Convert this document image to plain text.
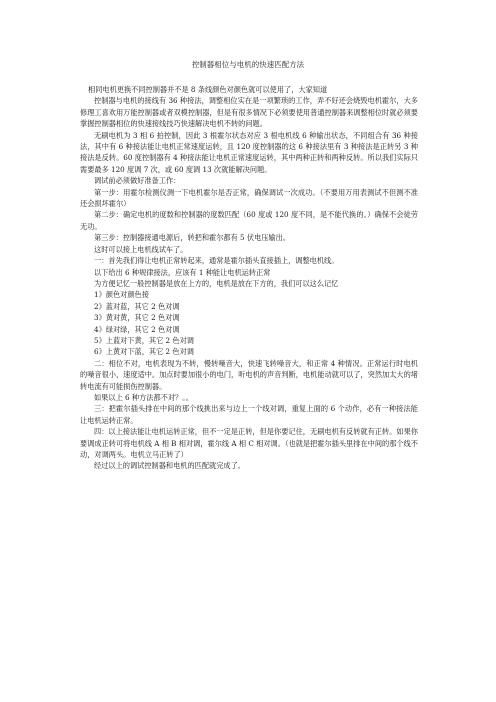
控制器相位与电机的快速匹配方法

相同电机更换不同控制器并不是 8 条线颜色对颜色就可以使用了，大家知道

控制器与电机的接线有 36 种接法，调整相位实在是一项繁琐的工作，弄不好还会烧毁电机霍尔，大多修理工喜欢用万能控制器或者双模控制器，但是有很多情况下必须要使用普通控制器来调整相位时就必须要掌握控制器相位的快速接线技巧快速解决电机不转的问题。

无刷电机为 3 相 6 拍控制，因此 3 根霍尔状态对应 3 根电机线 6 种输出状态，不同组合有 36 种接法，其中有 6 种接法能让电机正常速度运转，且 120 度控制器的这 6 种接法里有 3 种接法是正转另 3 种接法是反转。60 度控制器有 4 种接法能让电机正常速度运转，其中两种正转和两种反转。所以我们实际只需要最多 120 度调 7 次，或 60 度调 13 次就能解决问题。

调试前必须做好准备工作：

第一步：用霍尔检测仪测一下电机霍尔是否正常，确保调试一次成功。（不要用万用表测试不但测不准还会损坏霍尔）

第二步：确定电机的度数和控制器的度数匹配（60 度或 120 度不同，是不能代换的。）确保不会徒劳无功。

第三步：控制器接通电源后，转把和霍尔都有 5 伏电压输出。

这时可以接上电机线试车了。

一：首先我们得让电机正常转起来，通常是霍尔插头直接插上，调整电机线。

以下给出 6 种规律接法，应该有 1 种能让电机运转正常

为方便记忆一般控制器是放在上方的，电机是放在下方的，我们可以这么记忆

1》颜色对颜色接

2》蓝对蓝，其它 2 色对调

3》黄对黄，其它 2 色对调

4》绿对绿，其它 2 色对调

5》上蓝对下黄，其它 2 色对调

6》上黄对下蓝，其它 2 色对调

二：相位不对，电机表现为不转，慢转噪音大，快速飞转噪音大，和正常 4 种情况。正常运行时电机的噪音很小，速度适中。加点时要加很小的电门，听电机的声音判断，电机能动就可以了，突然加太大的堵转电流有可能损伤控制器。

如果以上 6 种方法都不对？。。

三：把霍尔插头排在中间的那个线挑出来与边上一个线对调，重复上面的 6 个动作，必有一种接法能让电机运转正常。

四：以上接法能让电机运转正常，但不一定是正转，但是你要记住，无刷电机有反转就有正转。如果你要调成正转可将电机线 A 相 B 相对调，霍尔线 A 相 C 相对调。（也就是把霍尔插头里排在中间的那个线不动，对调两头。电机立马正转了）

经过以上的调试控制器和电机的匹配就完成了。
